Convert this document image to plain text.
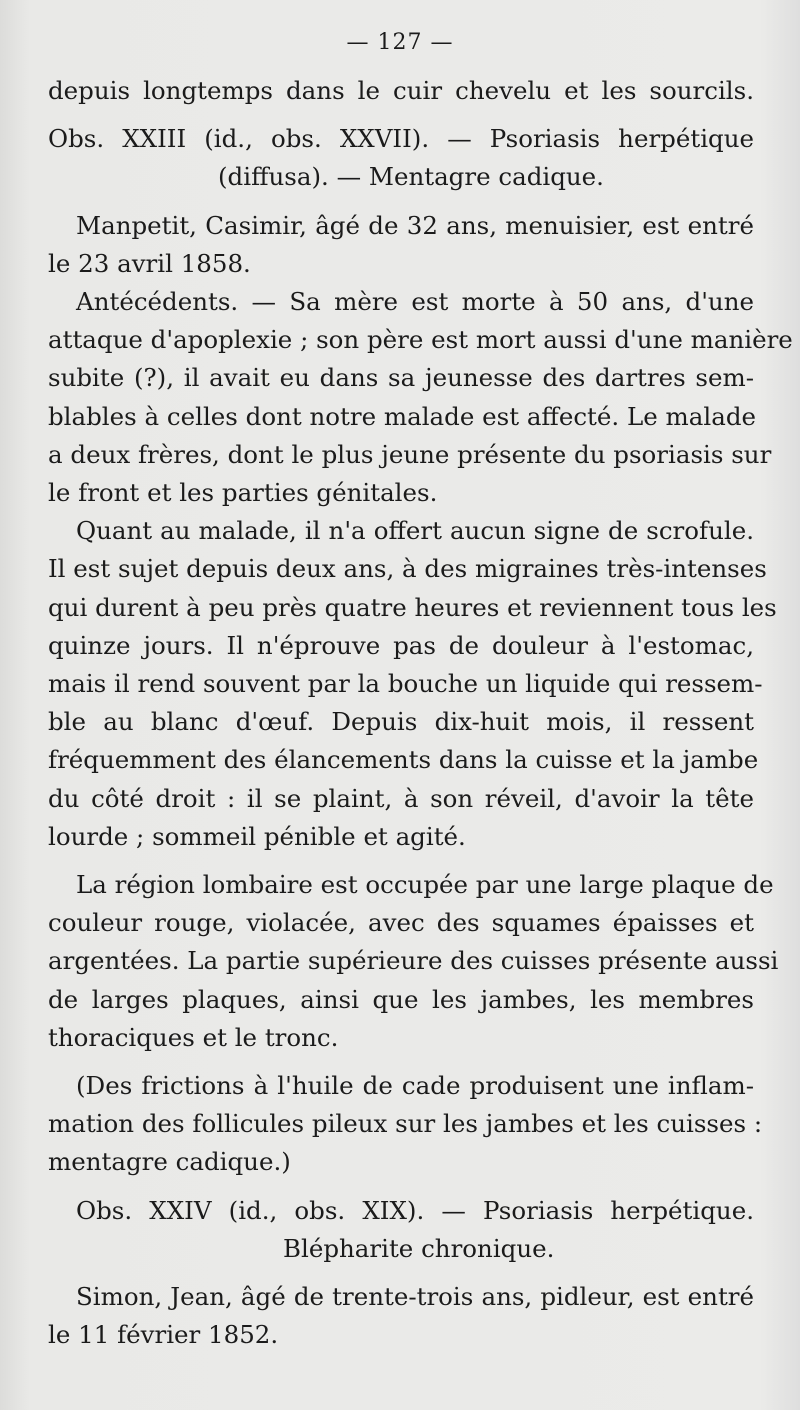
— 127 —
depuis longtemps dans le cuir chevelu et les sourcils.
Obs. XXIII (id., obs. XXVII). — Psoriasis herpétique
(diffusa). — Mentagre cadique.
Manpetit, Casimir, âgé de 32 ans, menuisier, est entré
le 23 avril 1858.
Antécédents. — Sa mère est morte à 50 ans, d'une
attaque d'apoplexie ; son père est mort aussi d'une manière
subite (?), il avait eu dans sa jeunesse des dartres sem-
blables à celles dont notre malade est affecté. Le malade
a deux frères, dont le plus jeune présente du psoriasis sur
le front et les parties génitales.
Quant au malade, il n'a offert aucun signe de scrofule.
Il est sujet depuis deux ans, à des migraines très-intenses
qui durent à peu près quatre heures et reviennent tous les
quinze jours. Il n'éprouve pas de douleur à l'estomac,
mais il rend souvent par la bouche un liquide qui ressem-
ble au blanc d'œuf. Depuis dix-huit mois, il ressent
fréquemment des élancements dans la cuisse et la jambe
du côté droit : il se plaint, à son réveil, d'avoir la tête
lourde ; sommeil pénible et agité.
La région lombaire est occupée par une large plaque de
couleur rouge, violacée, avec des squames épaisses et
argentées. La partie supérieure des cuisses présente aussi
de larges plaques, ainsi que les jambes, les membres
thoraciques et le tronc.
(Des frictions à l'huile de cade produisent une inflam-
mation des follicules pileux sur les jambes et les cuisses :
mentagre cadique.)
Obs. XXIV (id., obs. XIX). — Psoriasis herpétique.
Blépharite chronique.
Simon, Jean, âgé de trente-trois ans, pidleur, est entré
le 11 février 1852.
